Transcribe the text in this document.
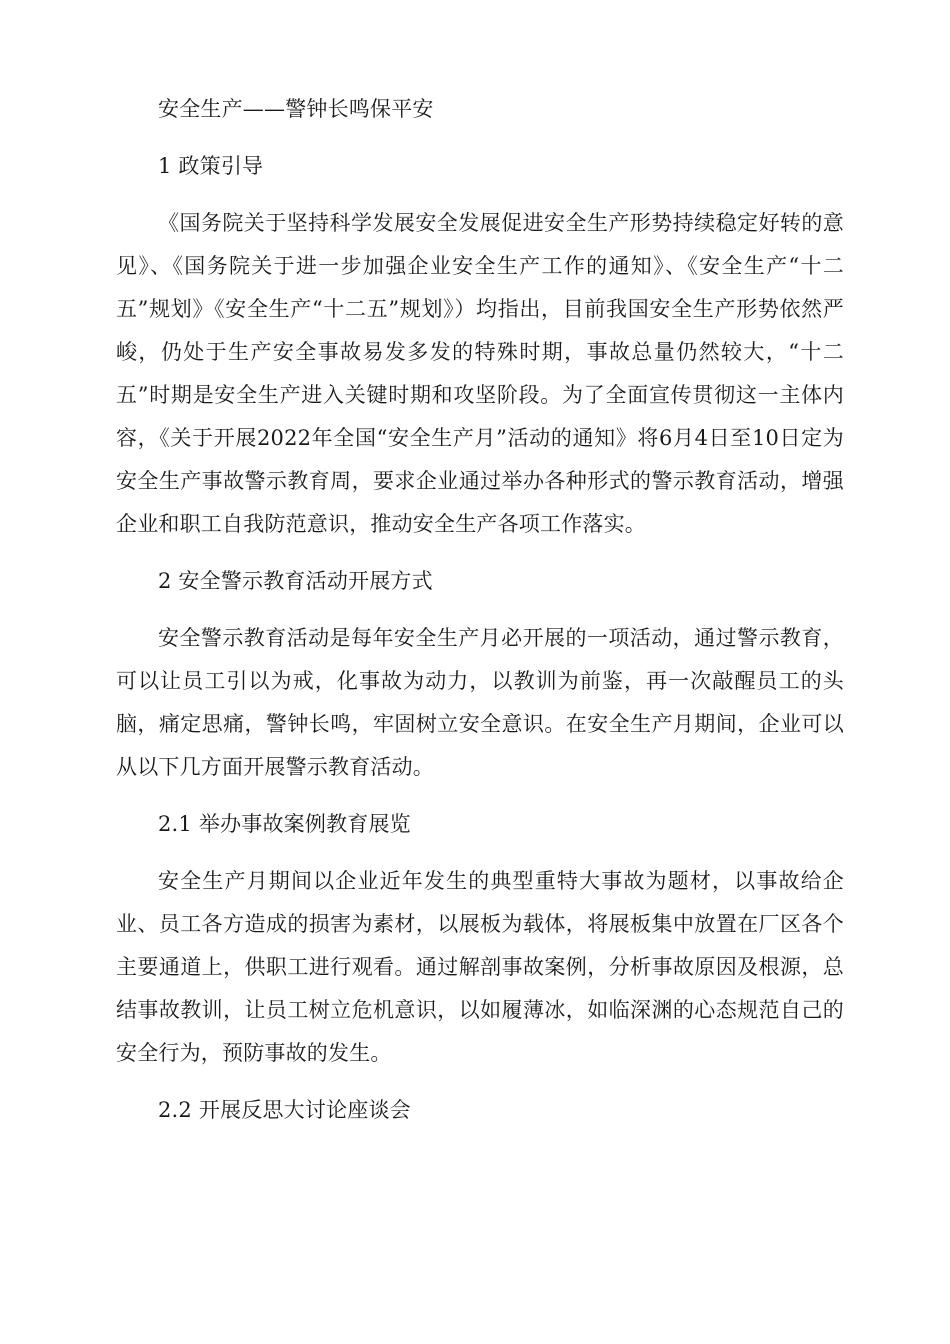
安全生产——警钟长鸣保平安

1 政策引导

《国务院关于坚持科学发展安全发展促进安全生产形势持续稳定好转的意见》、《国务院关于进一步加强企业安全生产工作的通知》、《安全生产“十二五”规划》《安全生产“十二五”规划》）均指出，目前我国安全生产形势依然严峻，仍处于生产安全事故易发多发的特殊时期，事故总量仍然较大，“十二五”时期是安全生产进入关键时期和攻坚阶段。为了全面宣传贯彻这一主体内容，《关于开展2022年全国“安全生产月”活动的通知》将6月4日至10日定为安全生产事故警示教育周，要求企业通过举办各种形式的警示教育活动，增强企业和职工自我防范意识，推动安全生产各项工作落实。

2 安全警示教育活动开展方式

安全警示教育活动是每年安全生产月必开展的一项活动，通过警示教育，可以让员工引以为戒，化事故为动力，以教训为前鉴，再一次敲醒员工的头脑，痛定思痛，警钟长鸣，牢固树立安全意识。在安全生产月期间，企业可以从以下几方面开展警示教育活动。

2.1 举办事故案例教育展览

安全生产月期间以企业近年发生的典型重特大事故为题材，以事故给企业、员工各方造成的损害为素材，以展板为载体，将展板集中放置在厂区各个主要通道上，供职工进行观看。通过解剖事故案例，分析事故原因及根源，总结事故教训，让员工树立危机意识，以如履薄冰，如临深渊的心态规范自己的安全行为，预防事故的发生。

2.2 开展反思大讨论座谈会
